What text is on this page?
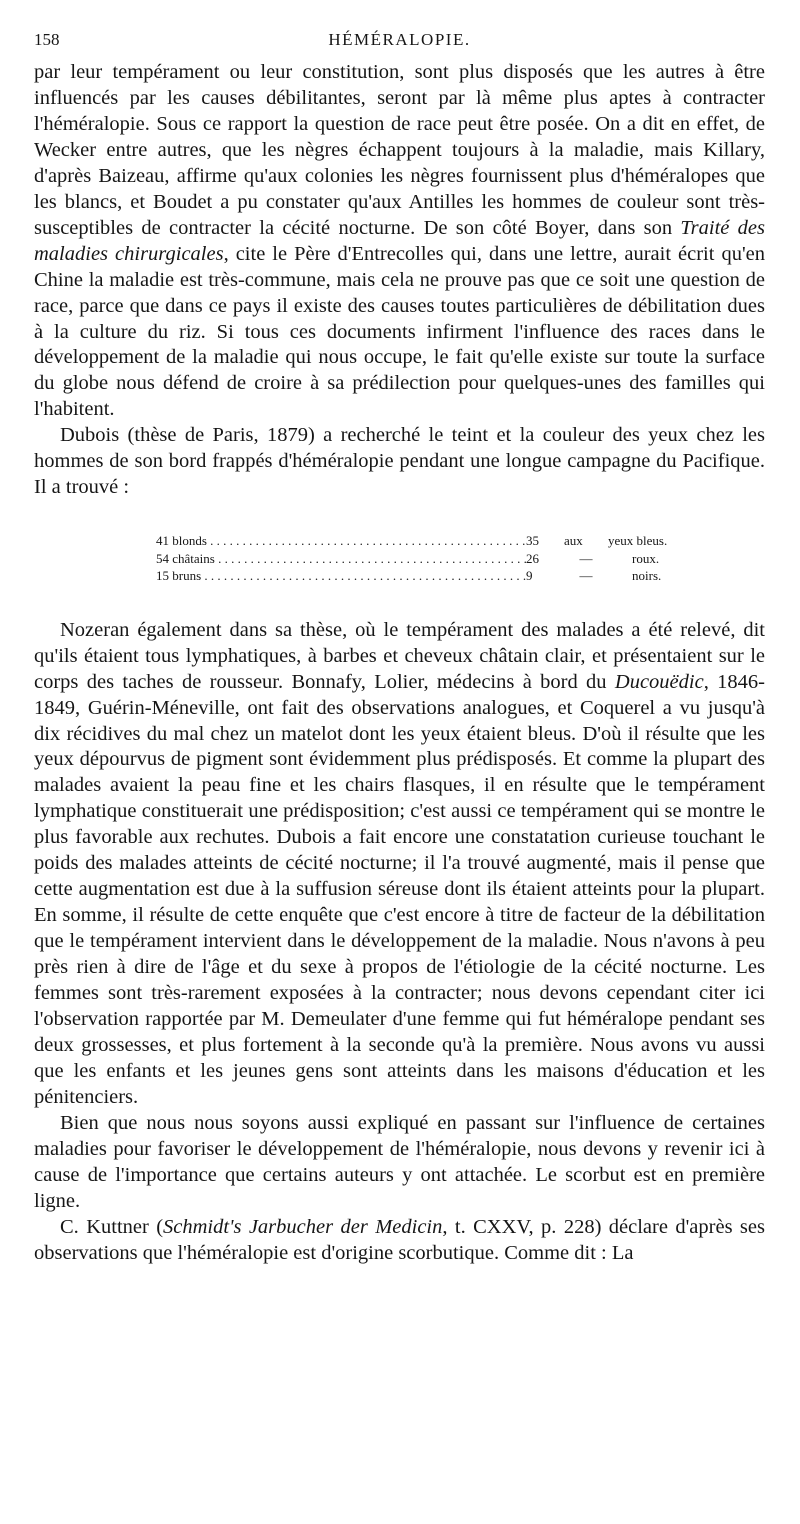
158	HÉMÉRALOPIE.

par leur tempérament ou leur constitution, sont plus disposés que les autres à être influencés par les causes débilitantes, seront par là même plus aptes à contracter l'héméralopie. Sous ce rapport la question de race peut être posée. On a dit en effet, de Wecker entre autres, que les nègres échappent toujours à la maladie, mais Killary, d'après Baizeau, affirme qu'aux colonies les nègres fournissent plus d'héméralopes que les blancs, et Boudet a pu constater qu'aux Antilles les hommes de couleur sont très-susceptibles de contracter la cécité nocturne. De son côté Boyer, dans son Traité des maladies chirurgicales, cite le Père d'Entrecolles qui, dans une lettre, aurait écrit qu'en Chine la maladie est très-commune, mais cela ne prouve pas que ce soit une question de race, parce que dans ce pays il existe des causes toutes particulières de débilitation dues à la culture du riz. Si tous ces documents infirment l'influence des races dans le développement de la maladie qui nous occupe, le fait qu'elle existe sur toute la surface du globe nous défend de croire à sa prédilection pour quelques-unes des familles qui l'habitent.

Dubois (thèse de Paris, 1879) a recherché le teint et la couleur des yeux chez les hommes de son bord frappés d'héméralopie pendant une longue campagne du Pacifique. Il a trouvé :

41 blonds . . .	35	aux	yeux bleus.
54 châtains . . .	26	—	roux.
15 bruns . . .	9	—	noirs.

Nozeran également dans sa thèse, où le tempérament des malades a été relevé, dit qu'ils étaient tous lymphatiques, à barbes et cheveux châtain clair, et présentaient sur le corps des taches de rousseur. Bonnafy, Lolier, médecins à bord du Ducouëdic, 1846-1849, Guérin-Méneville, ont fait des observations analogues, et Coquerel a vu jusqu'à dix récidives du mal chez un matelot dont les yeux étaient bleus. D'où il résulte que les yeux dépourvus de pigment sont évidemment plus prédisposés. Et comme la plupart des malades avaient la peau fine et les chairs flasques, il en résulte que le tempérament lymphatique constituerait une prédisposition; c'est aussi ce tempérament qui se montre le plus favorable aux rechutes. Dubois a fait encore une constatation curieuse touchant le poids des malades atteints de cécité nocturne; il l'a trouvé augmenté, mais il pense que cette augmentation est due à la suffusion séreuse dont ils étaient atteints pour la plupart. En somme, il résulte de cette enquête que c'est encore à titre de facteur de la débilitation que le tempérament intervient dans le développement de la maladie. Nous n'avons à peu près rien à dire de l'âge et du sexe à propos de l'étiologie de la cécité nocturne. Les femmes sont très-rarement exposées à la contracter; nous devons cependant citer ici l'observation rapportée par M. Demeulater d'une femme qui fut héméralope pendant ses deux grossesses, et plus fortement à la seconde qu'à la première. Nous avons vu aussi que les enfants et les jeunes gens sont atteints dans les maisons d'éducation et les pénitenciers.

Bien que nous nous soyons aussi expliqué en passant sur l'influence de certaines maladies pour favoriser le développement de l'héméralopie, nous devons y revenir ici à cause de l'importance que certains auteurs y ont attachée. Le scorbut est en première ligne.

C. Kuttner (Schmidt's Jarbucher der Medicin, t. CXXV, p. 228) déclare d'après ses observations que l'héméralopie est d'origine scorbutique. Comme dit : La
